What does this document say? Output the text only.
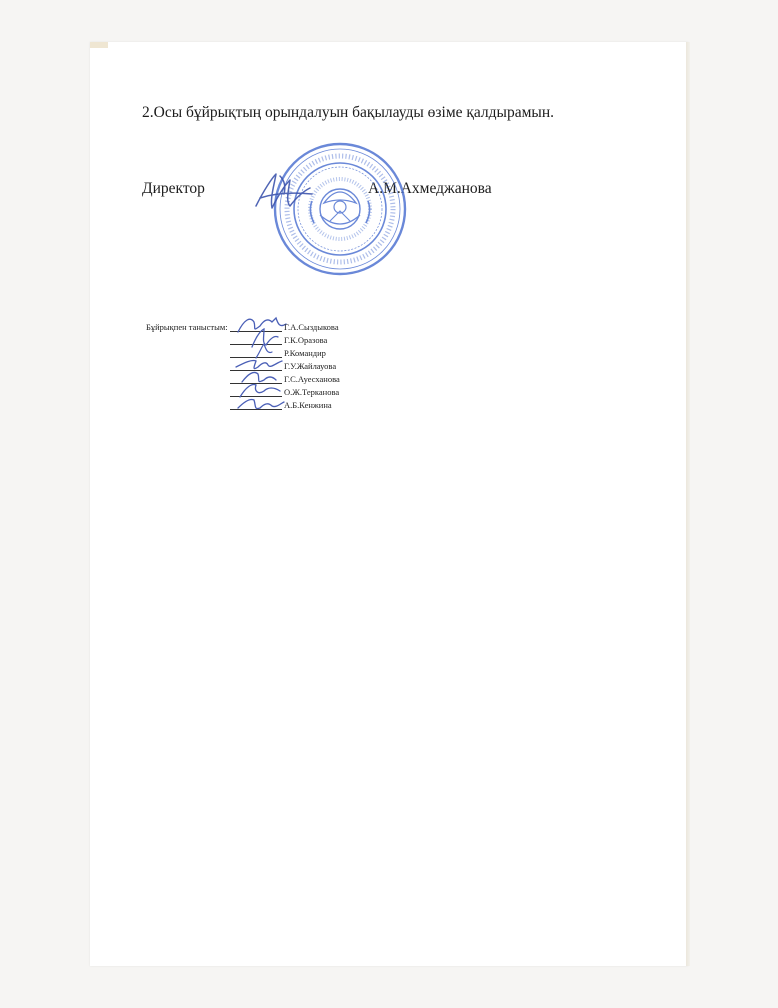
2.Осы бұйрықтың орындалуын бақылауды өзіме қалдырамын.
Директор	А.М.Ахмеджанова
Бұйрықпен таныстым:	Г.А.Сыздыкова
Г.К.Оразова
Р.Командир
Г.У.Жайлауова
Г.С.Ауесханова
О.Ж.Терканова
А.Б.Кенжина
